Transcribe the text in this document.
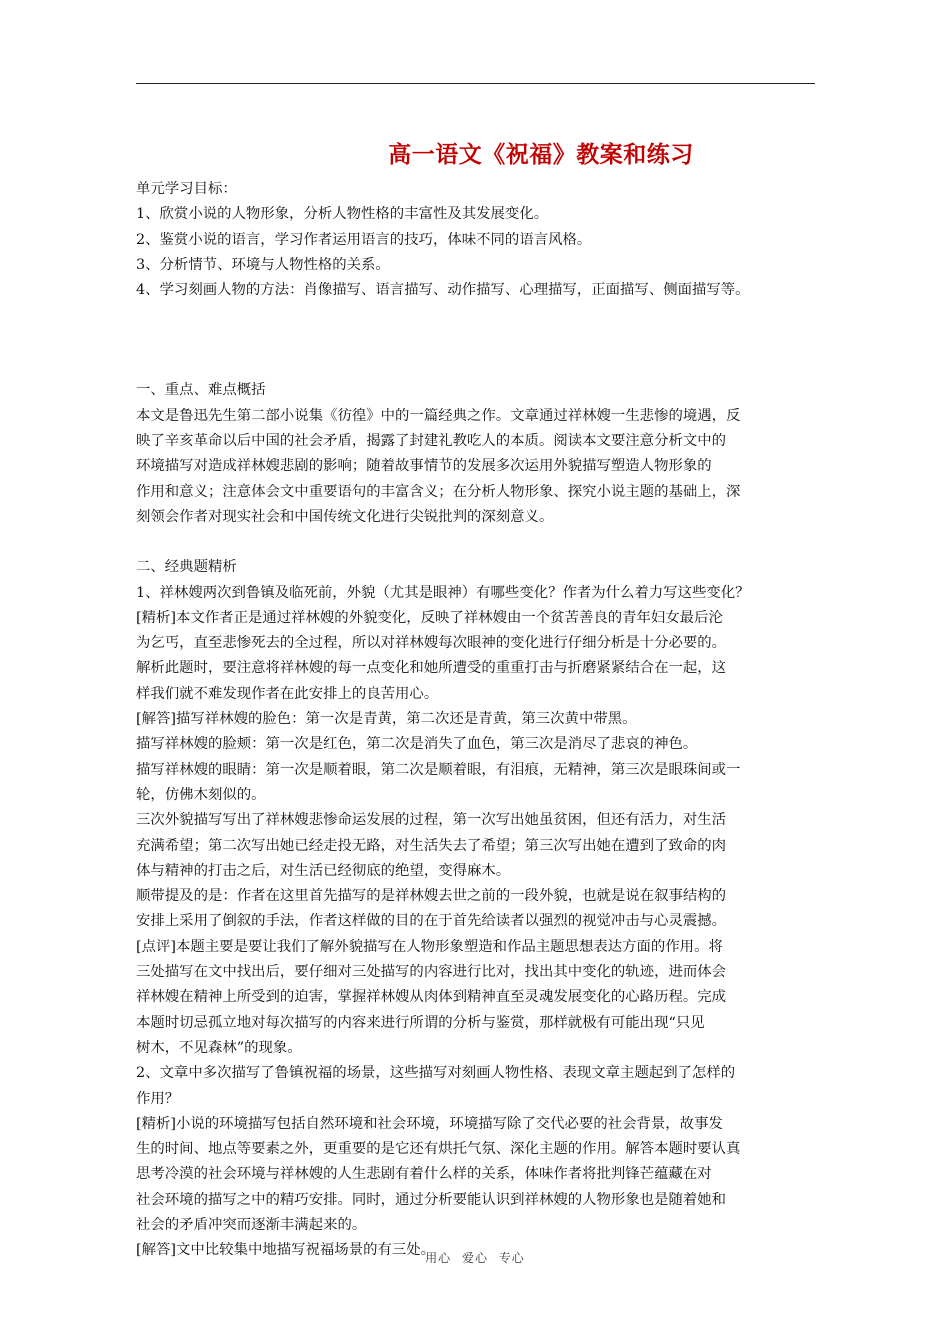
高一语文《祝福》教案和练习

单元学习目标：

1、欣赏小说的人物形象，分析人物性格的丰富性及其发展变化。

2、鉴赏小说的语言，学习作者运用语言的技巧，体味不同的语言风格。

3、分析情节、环境与人物性格的关系。

4、学习刻画人物的方法：肖像描写、语言描写、动作描写、心理描写，正面描写、侧面描写等。

一、重点、难点概括

本文是鲁迅先生第二部小说集《彷徨》中的一篇经典之作。文章通过祥林嫂一生悲惨的境遇，反

映了辛亥革命以后中国的社会矛盾，揭露了封建礼教吃人的本质。阅读本文要注意分析文中的

环境描写对造成祥林嫂悲剧的影响；随着故事情节的发展多次运用外貌描写塑造人物形象的

作用和意义；注意体会文中重要语句的丰富含义；在分析人物形象、探究小说主题的基础上，深

刻领会作者对现实社会和中国传统文化进行尖锐批判的深刻意义。

二、经典题精析

1、祥林嫂两次到鲁镇及临死前，外貌（尤其是眼神）有哪些变化？作者为什么着力写这些变化？

[精析]本文作者正是通过祥林嫂的外貌变化，反映了祥林嫂由一个贫苦善良的青年妇女最后沦

为乞丐，直至悲惨死去的全过程，所以对祥林嫂每次眼神的变化进行仔细分析是十分必要的。

解析此题时，要注意将祥林嫂的每一点变化和她所遭受的重重打击与折磨紧紧结合在一起，这

样我们就不难发现作者在此安排上的良苦用心。

[解答]描写祥林嫂的脸色：第一次是青黄，第二次还是青黄，第三次黄中带黑。

描写祥林嫂的脸颊：第一次是红色，第二次是消失了血色，第三次是消尽了悲哀的神色。

描写祥林嫂的眼睛：第一次是顺着眼，第二次是顺着眼，有泪痕，无精神，第三次是眼珠间或一

轮，仿佛木刻似的。

三次外貌描写写出了祥林嫂悲惨命运发展的过程，第一次写出她虽贫困，但还有活力，对生活

充满希望；第二次写出她已经走投无路，对生活失去了希望；第三次写出她在遭到了致命的肉

体与精神的打击之后，对生活已经彻底的绝望，变得麻木。

顺带提及的是：作者在这里首先描写的是祥林嫂去世之前的一段外貌，也就是说在叙事结构的

安排上采用了倒叙的手法，作者这样做的目的在于首先给读者以强烈的视觉冲击与心灵震撼。

[点评]本题主要是要让我们了解外貌描写在人物形象塑造和作品主题思想表达方面的作用。将

三处描写在文中找出后，要仔细对三处描写的内容进行比对，找出其中变化的轨迹，进而体会

祥林嫂在精神上所受到的迫害，掌握祥林嫂从肉体到精神直至灵魂发展变化的心路历程。完成

本题时切忌孤立地对每次描写的内容来进行所谓的分析与鉴赏，那样就极有可能出现“只见

树木，不见森林”的现象。

2、文章中多次描写了鲁镇祝福的场景，这些描写对刻画人物性格、表现文章主题起到了怎样的

作用？

[精析]小说的环境描写包括自然环境和社会环境，环境描写除了交代必要的社会背景，故事发

生的时间、地点等要素之外，更重要的是它还有烘托气氛、深化主题的作用。解答本题时要认真

思考冷漠的社会环境与祥林嫂的人生悲剧有着什么样的关系，体味作者将批判锋芒蕴藏在对

社会环境的描写之中的精巧安排。同时，通过分析要能认识到祥林嫂的人物形象也是随着她和

社会的矛盾冲突而逐渐丰满起来的。

[解答]文中比较集中地描写祝福场景的有三处。

用心 爱心 专心
